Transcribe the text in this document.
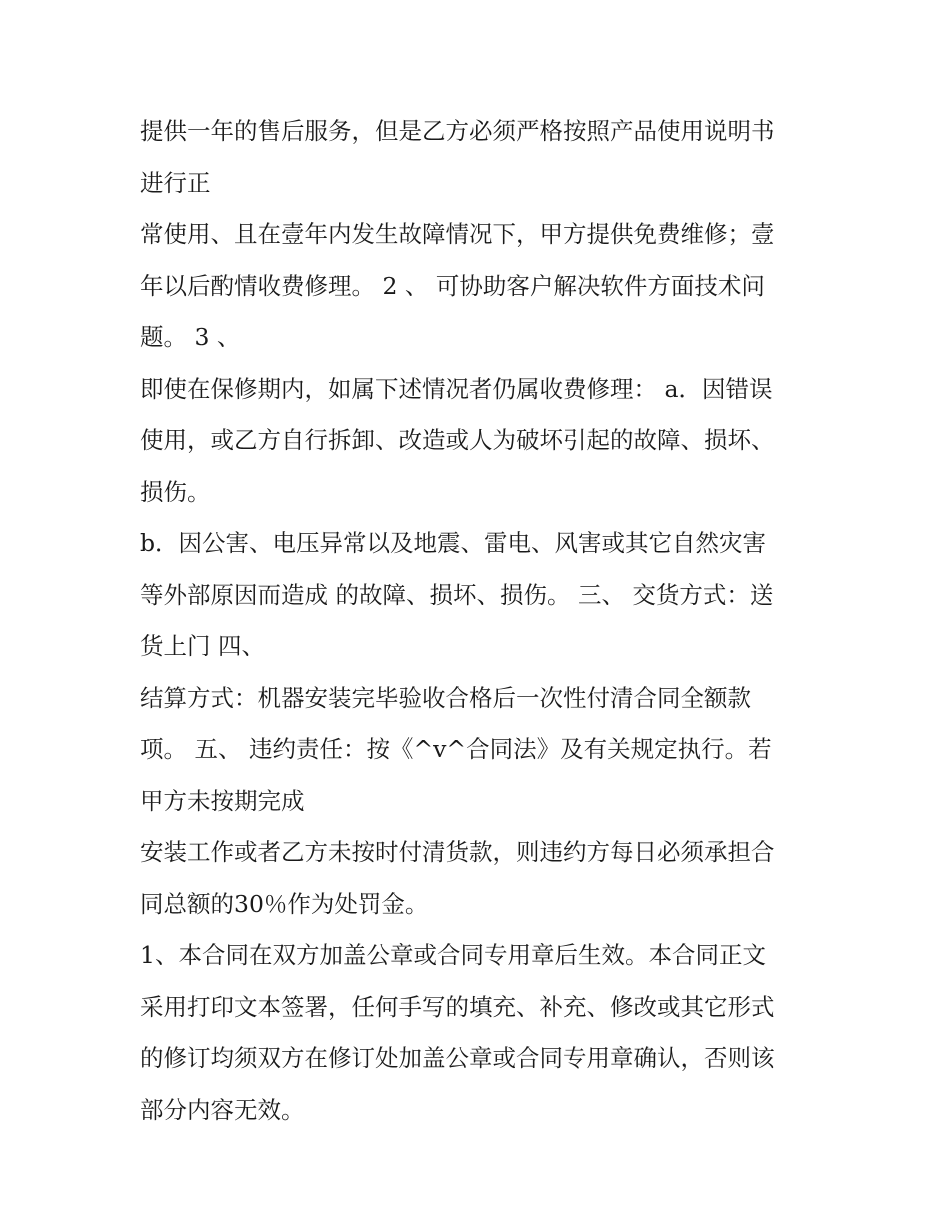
提供一年的售后服务，但是乙方必须严格按照产品使用说明书
进行正
常使用、且在壹年内发生故障情况下，甲方提供免费维修；壹
年以后酌情收费修理。 2 、 可协助客户解决软件方面技术问
题。 3 、
即使在保修期内，如属下述情况者仍属收费修理： a．因错误
使用，或乙方自行拆卸、改造或人为破坏引起的故障、损坏、
损伤。
b．因公害、电压异常以及地震、雷电、风害或其它自然灾害
等外部原因而造成 的故障、损坏、损伤。 三、 交货方式：送
货上门 四、
结算方式：机器安装完毕验收合格后一次性付清合同全额款
项。 五、 违约责任：按《^v^合同法》及有关规定执行。若
甲方未按期完成
安装工作或者乙方未按时付清货款，则违约方每日必须承担合
同总额的30％作为处罚金。
1、本合同在双方加盖公章或合同专用章后生效。本合同正文
采用打印文本签署，任何手写的填充、补充、修改或其它形式
的修订均须双方在修订处加盖公章或合同专用章确认，否则该
部分内容无效。
